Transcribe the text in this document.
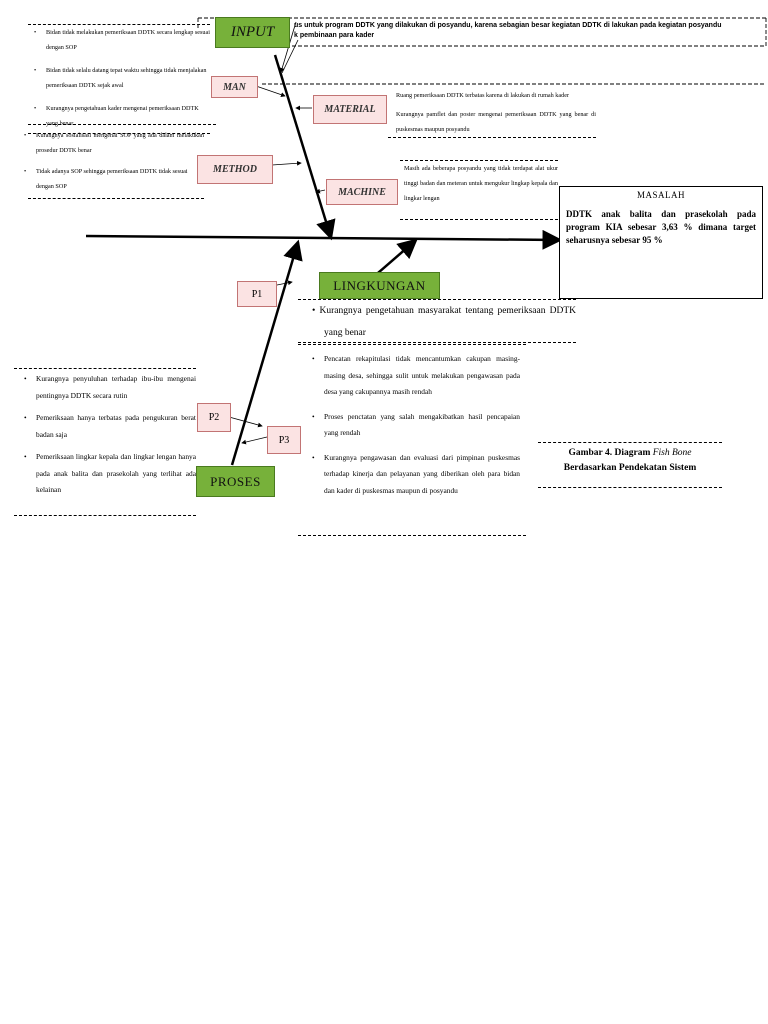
us untuk program DDTK yang dilakukan di posyandu, karena sebagian besar kegiatan DDTK di lakukan pada kegiatan posyandu
k pembinaan para kader
INPUT
• Bidan tidak melakukan pemeriksaan DDTK secara lengkap sesuai dengan SOP
• Bidan tidak selalu datang tepat waktu sehingga tidak menjalakan pemeriksaan DDTK sejak awal
• Kurangnya pengetahuan kader mengenai pemeriksaan DDTK yang benar
MAN
• Kurangnya sosialisasi mengenai SOP yang ada dalam melakukan prosedur DDTK benar
• Tidak adanya SOP sehingga pemeriksaan DDTK tidak sesuai dengan SOP
METHOD
MATERIAL
Ruang pemeriksaan DDTK terbatas karena di lakukan di rumah kader
Kurangnya pamflet dan poster mengenai pemeriksaan DDTK yang benar di puskesmas maupun posyandu
MACHINE
Masih ada beberapa posyandu yang tidak terdapat alat ukur tinggi badan dan meteran untuk mengukur lingkap kepala dan lingkar lengan	MASALAH
DDTK anak balita dan prasekolah pada program KIA sebesar 3,63 % dimana target seharusnya sebesar 95 %
P1
LINGKUNGAN
• Kurangnya pengetahuan masyarakat tentang pemeriksaan DDTK yang benar
• Kurangnya penyuluhan terhadap ibu-ibu mengenai pentingnya DDTK secara rutin
• Pemeriksaan hanya terbatas pada pengukuran berat badan saja
• Pemeriksaan lingkar kepala dan lingkar lengan hanya pada anak balita dan prasekolah yang terlihat ada kelainan
P2
P3
PROSES
• Pencatan rekapitulasi tidak mencantumkan cakupan masing-masing desa, sehingga sulit untuk melakukan pengawasan pada desa yang cakupannya masih rendah
• Proses penctatan yang salah mengakibatkan hasil pencapaian yang rendah
• Kurangnya pengawasan dan evaluasi dari pimpinan puskesmas terhadap kinerja dan pelayanan yang diberikan oleh para bidan dan kader di puskesmas maupun di posyandu
Gambar 4. Diagram Fish Bone
Berdasarkan Pendekatan Sistem
